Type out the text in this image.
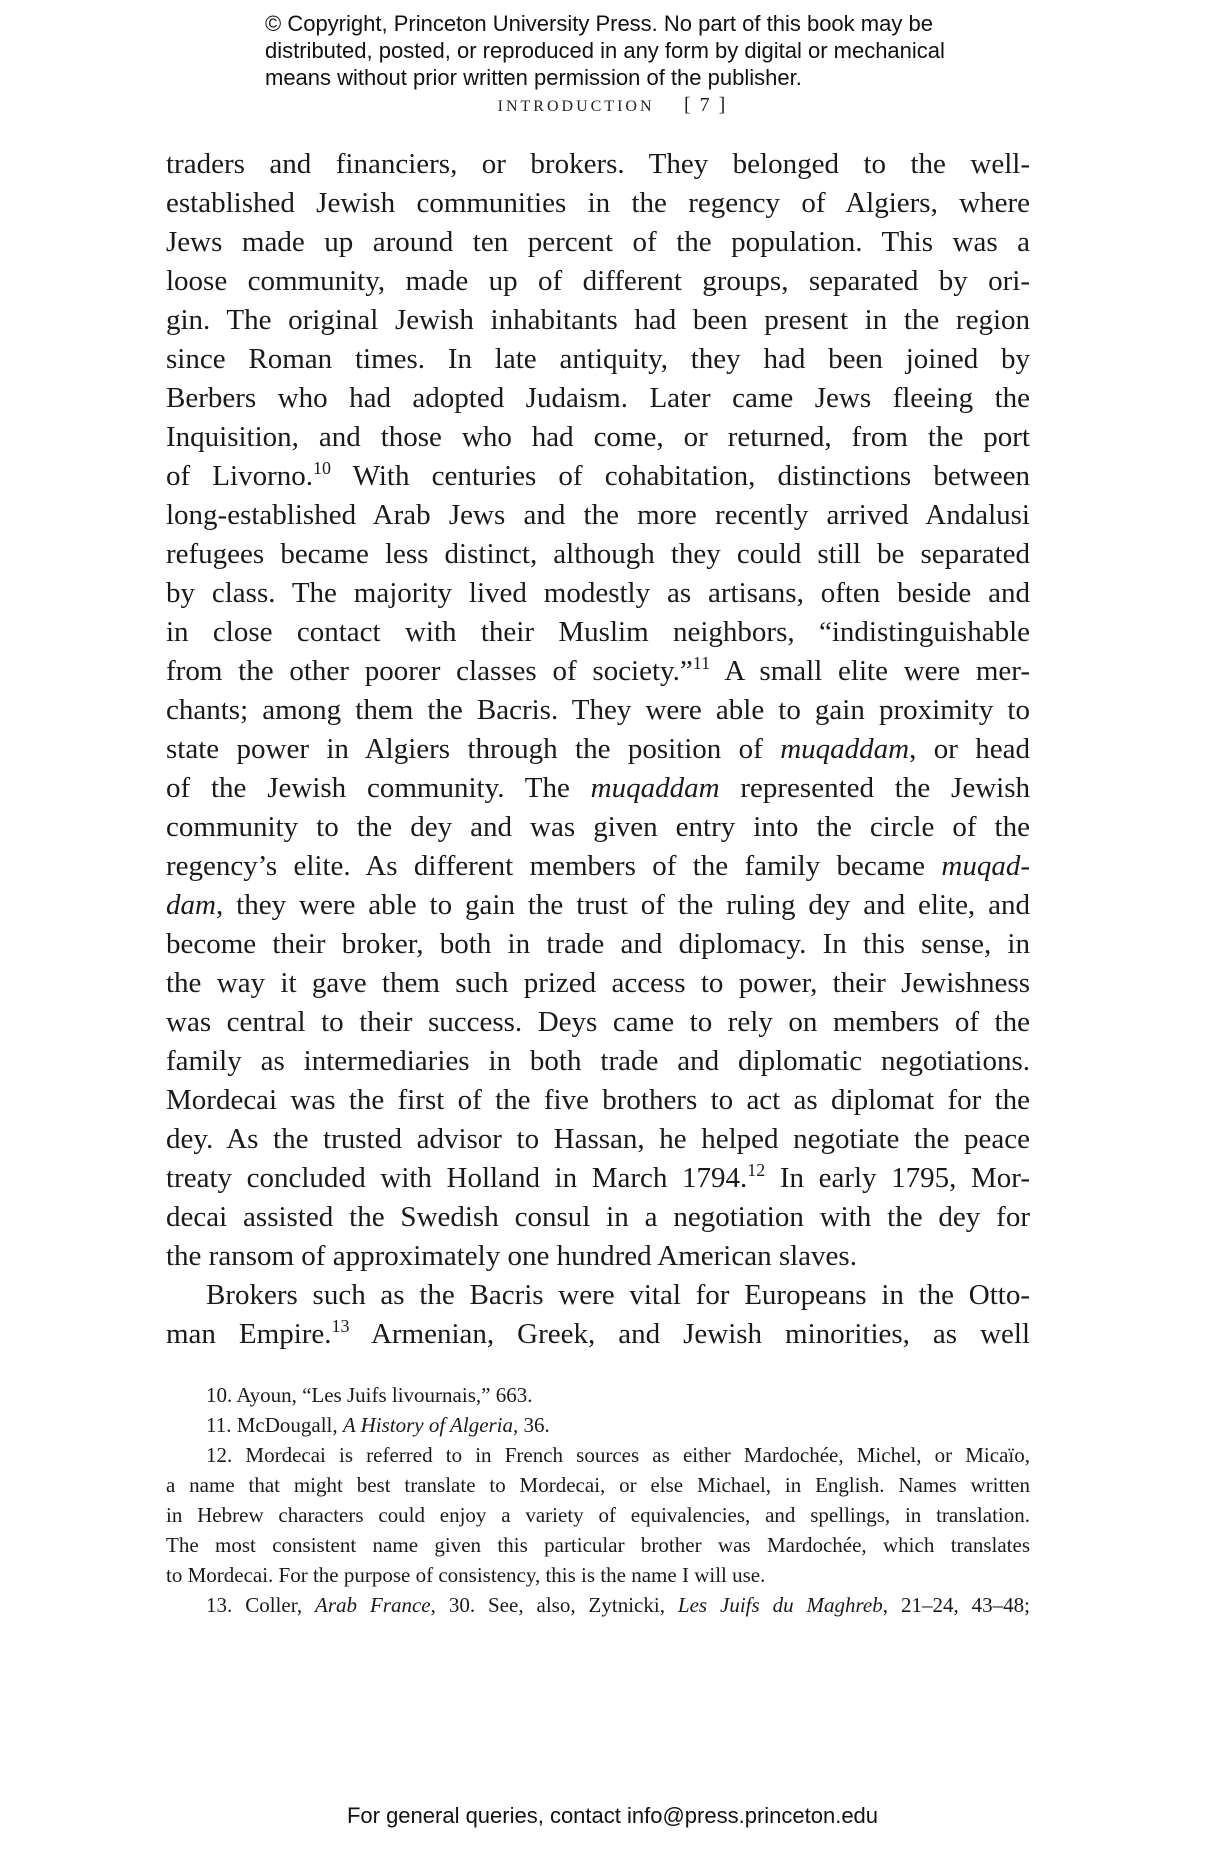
© Copyright, Princeton University Press. No part of this book may be
distributed, posted, or reproduced in any form by digital or mechanical
means without prior written permission of the publisher.
INTRODUCTION [ 7 ]
traders and financiers, or brokers. They belonged to the well-
established Jewish communities in the regency of Algiers, where
Jews made up around ten percent of the population. This was a
loose community, made up of different groups, separated by ori-
gin. The original Jewish inhabitants had been present in the region
since Roman times. In late antiquity, they had been joined by
Berbers who had adopted Judaism. Later came Jews fleeing the
Inquisition, and those who had come, or returned, from the port
of Livorno.$^{10}$ With centuries of cohabitation, distinctions between
long-established Arab Jews and the more recently arrived Andalusi
refugees became less distinct, although they could still be separated
by class. The majority lived modestly as artisans, often beside and
in close contact with their Muslim neighbors, “indistinguishable
from the other poorer classes of society.”$^{11}$ A small elite were mer-
chants; among them the Bacris. They were able to gain proximity to
state power in Algiers through the position of muqaddam, or head
of the Jewish community. The muqaddam represented the Jewish
community to the dey and was given entry into the circle of the
regency’s elite. As different members of the family became muqad-
dam, they were able to gain the trust of the ruling dey and elite, and
become their broker, both in trade and diplomacy. In this sense, in
the way it gave them such prized access to power, their Jewishness
was central to their success. Deys came to rely on members of the
family as intermediaries in both trade and diplomatic negotiations.
Mordecai was the first of the five brothers to act as diplomat for the
dey. As the trusted advisor to Hassan, he helped negotiate the peace
treaty concluded with Holland in March 1794.12 In early 1795, Mor-
decai assisted the Swedish consul in a negotiation with the dey for
the ransom of approximately one hundred American slaves.
Brokers such as the Bacris were vital for Europeans in the Otto-
man Empire.$^{13}$ Armenian, Greek, and Jewish minorities, as well
10. Ayoun, “Les Juifs livournais,” 663.
11. McDougall, A History of Algeria, 36.
12. Mordecai is referred to in French sources as either Mardochée, Michel, or Micaïo,
a name that might best translate to Mordecai, or else Michael, in English. Names written
in Hebrew characters could enjoy a variety of equivalencies, and spellings, in translation.
The most consistent name given this particular brother was Mardochée, which translates
to Mordecai. For the purpose of consistency, this is the name I will use.
13. Coller, Arab France, 30. See, also, Zytnicki, Les Juifs du Maghreb, 21–24, 43–48;
For general queries, contact info@press.princeton.edu
